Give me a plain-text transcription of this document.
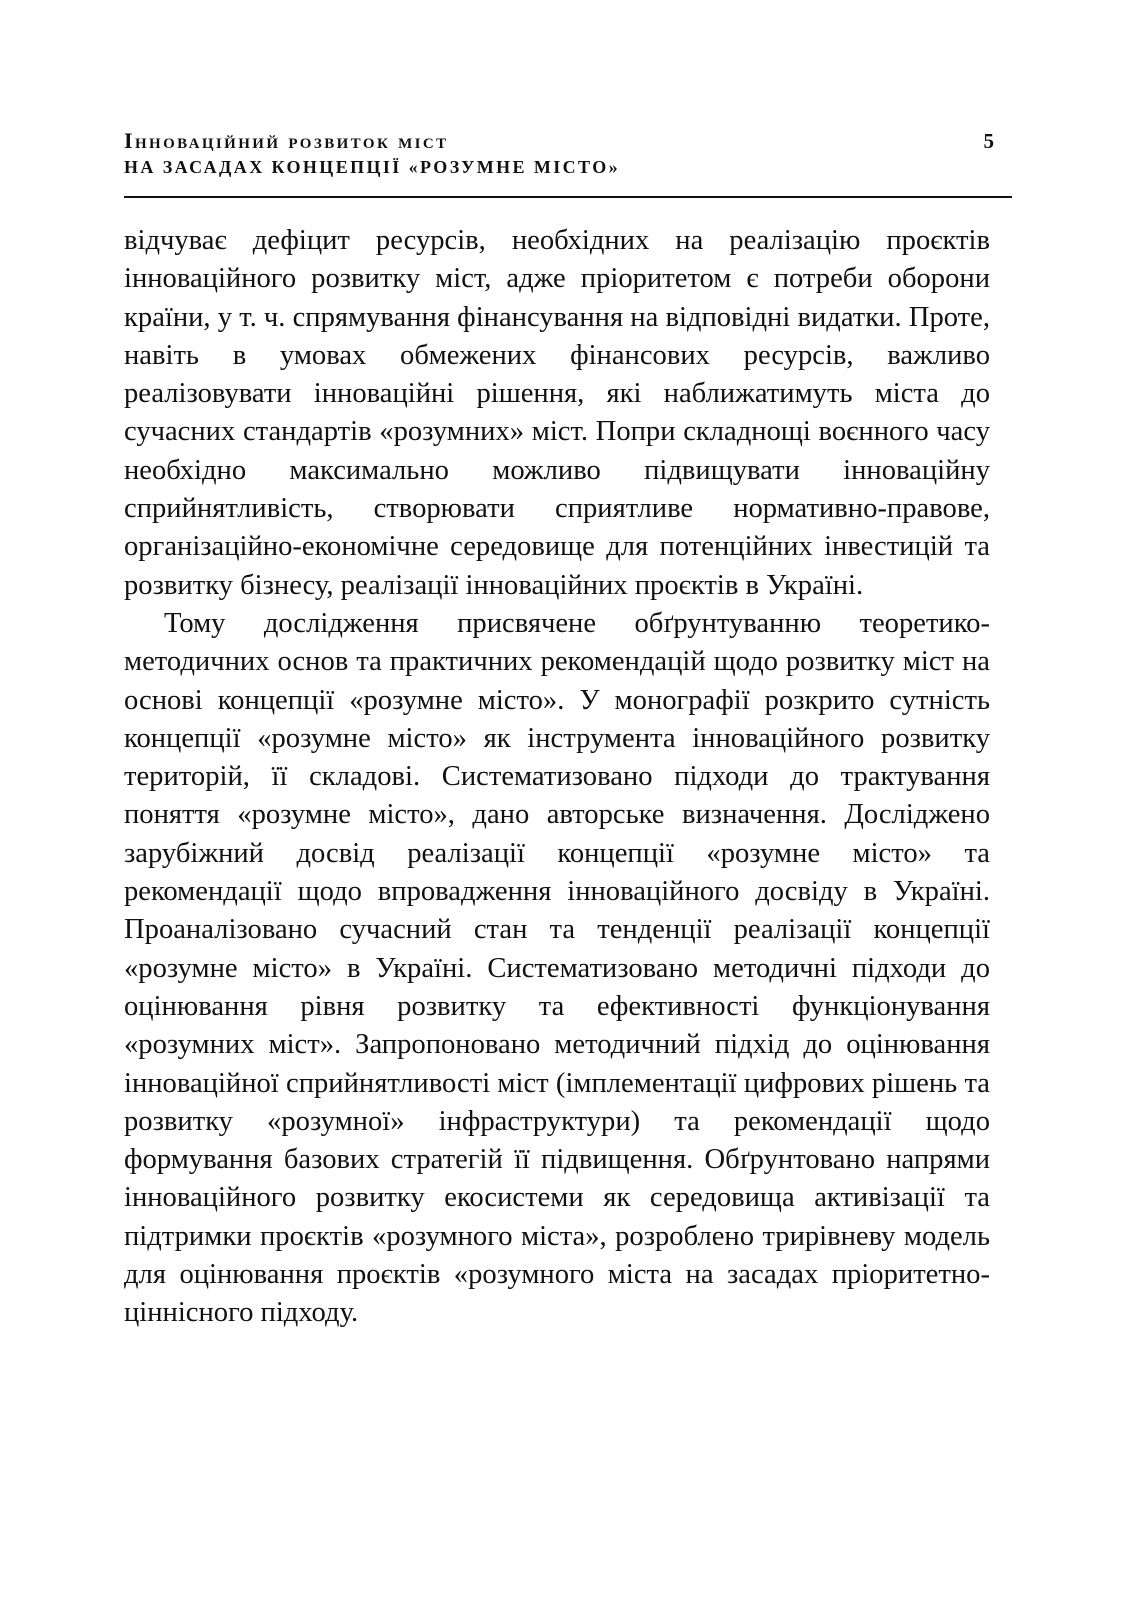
Інноваційний розвиток міст
НА ЗАСАДАХ КОНЦЕПЦІЇ «РОЗУМНЕ МІСТО»
5

відчуває дефіцит ресурсів, необхідних на реалізацію проєктів інноваційного розвитку міст, адже пріоритетом є потреби оборони країни, у т. ч. спрямування фінансування на відповідні видатки. Проте, навіть в умовах обмежених фінансових ресурсів, важливо реалізовувати інноваційні рішення, які наближатимуть міста до сучасних стандартів «розумних» міст. Попри складнощі воєнного часу необхідно максимально можливо підвищувати інноваційну сприйнятливість, створювати сприятливе нормативно-правове, організаційно-економічне середовище для потенційних інвестицій та розвитку бізнесу, реалізації інноваційних проєктів в Україні.

Тому дослідження присвячене обґрунтуванню теоретико-методичних основ та практичних рекомендацій щодо розвитку міст на основі концепції «розумне місто». У монографії розкрито сутність концепції «розумне місто» як інструмента інноваційного розвитку територій, її складові. Систематизовано підходи до трактування поняття «розумне місто», дано авторське визначення. Досліджено зарубіжний досвід реалізації концепції «розумне місто» та рекомендації щодо впровадження інноваційного досвіду в Україні. Проаналізовано сучасний стан та тенденції реалізації концепції «розумне місто» в Україні. Систематизовано методичні підходи до оцінювання рівня розвитку та ефективності функціонування «розумних міст». Запропоновано методичний підхід до оцінювання інноваційної сприйнятливості міст (імплементації цифрових рішень та розвитку «розумної» інфраструктури) та рекомендації щодо формування базових стратегій її підвищення. Обґрунтовано напрями інноваційного розвитку екосистеми як середовища активізації та підтримки проєктів «розумного міста», розроблено трирівневу модель для оцінювання проєктів «розумного міста на засадах пріоритетно-ціннісного підходу.
